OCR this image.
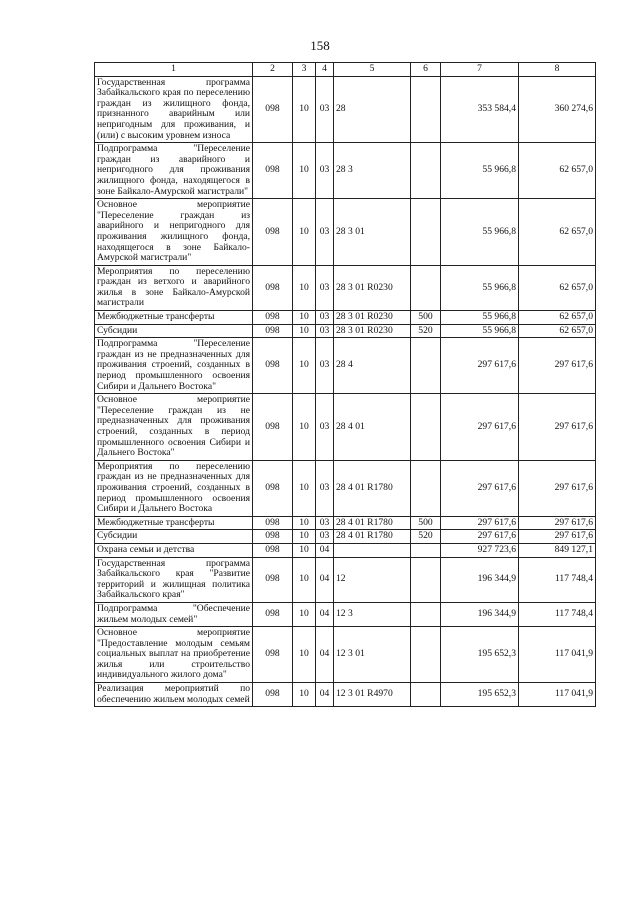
158
1	2	3	4	5	6	7	8
Государственная программа Забайкальского края по переселению граждан из жилищного фонда, признанного аварийным или непригодным для проживания, и (или) с высоким уровнем износа	098	10	03	28		353 584,4	360 274,6
Подпрограмма "Переселение граждан из аварийного и непригодного для проживания жилищного фонда, находящегося в зоне Байкало-Амурской магистрали"	098	10	03	28 3		55 966,8	62 657,0
Основное мероприятие "Переселение граждан из аварийного и непригодного для проживания жилищного фонда, находящегося в зоне Байкало-Амурской магистрали"	098	10	03	28 3 01		55 966,8	62 657,0
Мероприятия по переселению граждан из ветхого и аварийного жилья в зоне Байкало-Амурской магистрали	098	10	03	28 3 01 R0230		55 966,8	62 657,0
Межбюджетные трансферты	098	10	03	28 3 01 R0230	500	55 966,8	62 657,0
Субсидии	098	10	03	28 3 01 R0230	520	55 966,8	62 657,0
Подпрограмма "Переселение граждан из не предназначенных для проживания строений, созданных в период промышленного освоения Сибири и Дальнего Востока"	098	10	03	28 4		297 617,6	297 617,6
Основное мероприятие "Переселение граждан из не предназначенных для проживания строений, созданных в период промышленного освоения Сибири и Дальнего Востока"	098	10	03	28 4 01		297 617,6	297 617,6
Мероприятия по переселению граждан из не предназначенных для проживания строений, созданных в период промышленного освоения Сибири и Дальнего Востока	098	10	03	28 4 01 R1780		297 617,6	297 617,6
Межбюджетные трансферты	098	10	03	28 4 01 R1780	500	297 617,6	297 617,6
Субсидии	098	10	03	28 4 01 R1780	520	297 617,6	297 617,6
Охрана семьи и детства	098	10	04			927 723,6	849 127,1
Государственная программа Забайкальского края "Развитие территорий и жилищная политика Забайкальского края"	098	10	04	12		196 344,9	117 748,4
Подпрограмма "Обеспечение жильем молодых семей"	098	10	04	12 3		196 344,9	117 748,4
Основное мероприятие "Предоставление молодым семьям социальных выплат на приобретение жилья или строительство индивидуального жилого дома"	098	10	04	12 3 01		195 652,3	117 041,9
Реализация мероприятий по обеспечению жильем молодых семей	098	10	04	12 3 01 R4970		195 652,3	117 041,9
